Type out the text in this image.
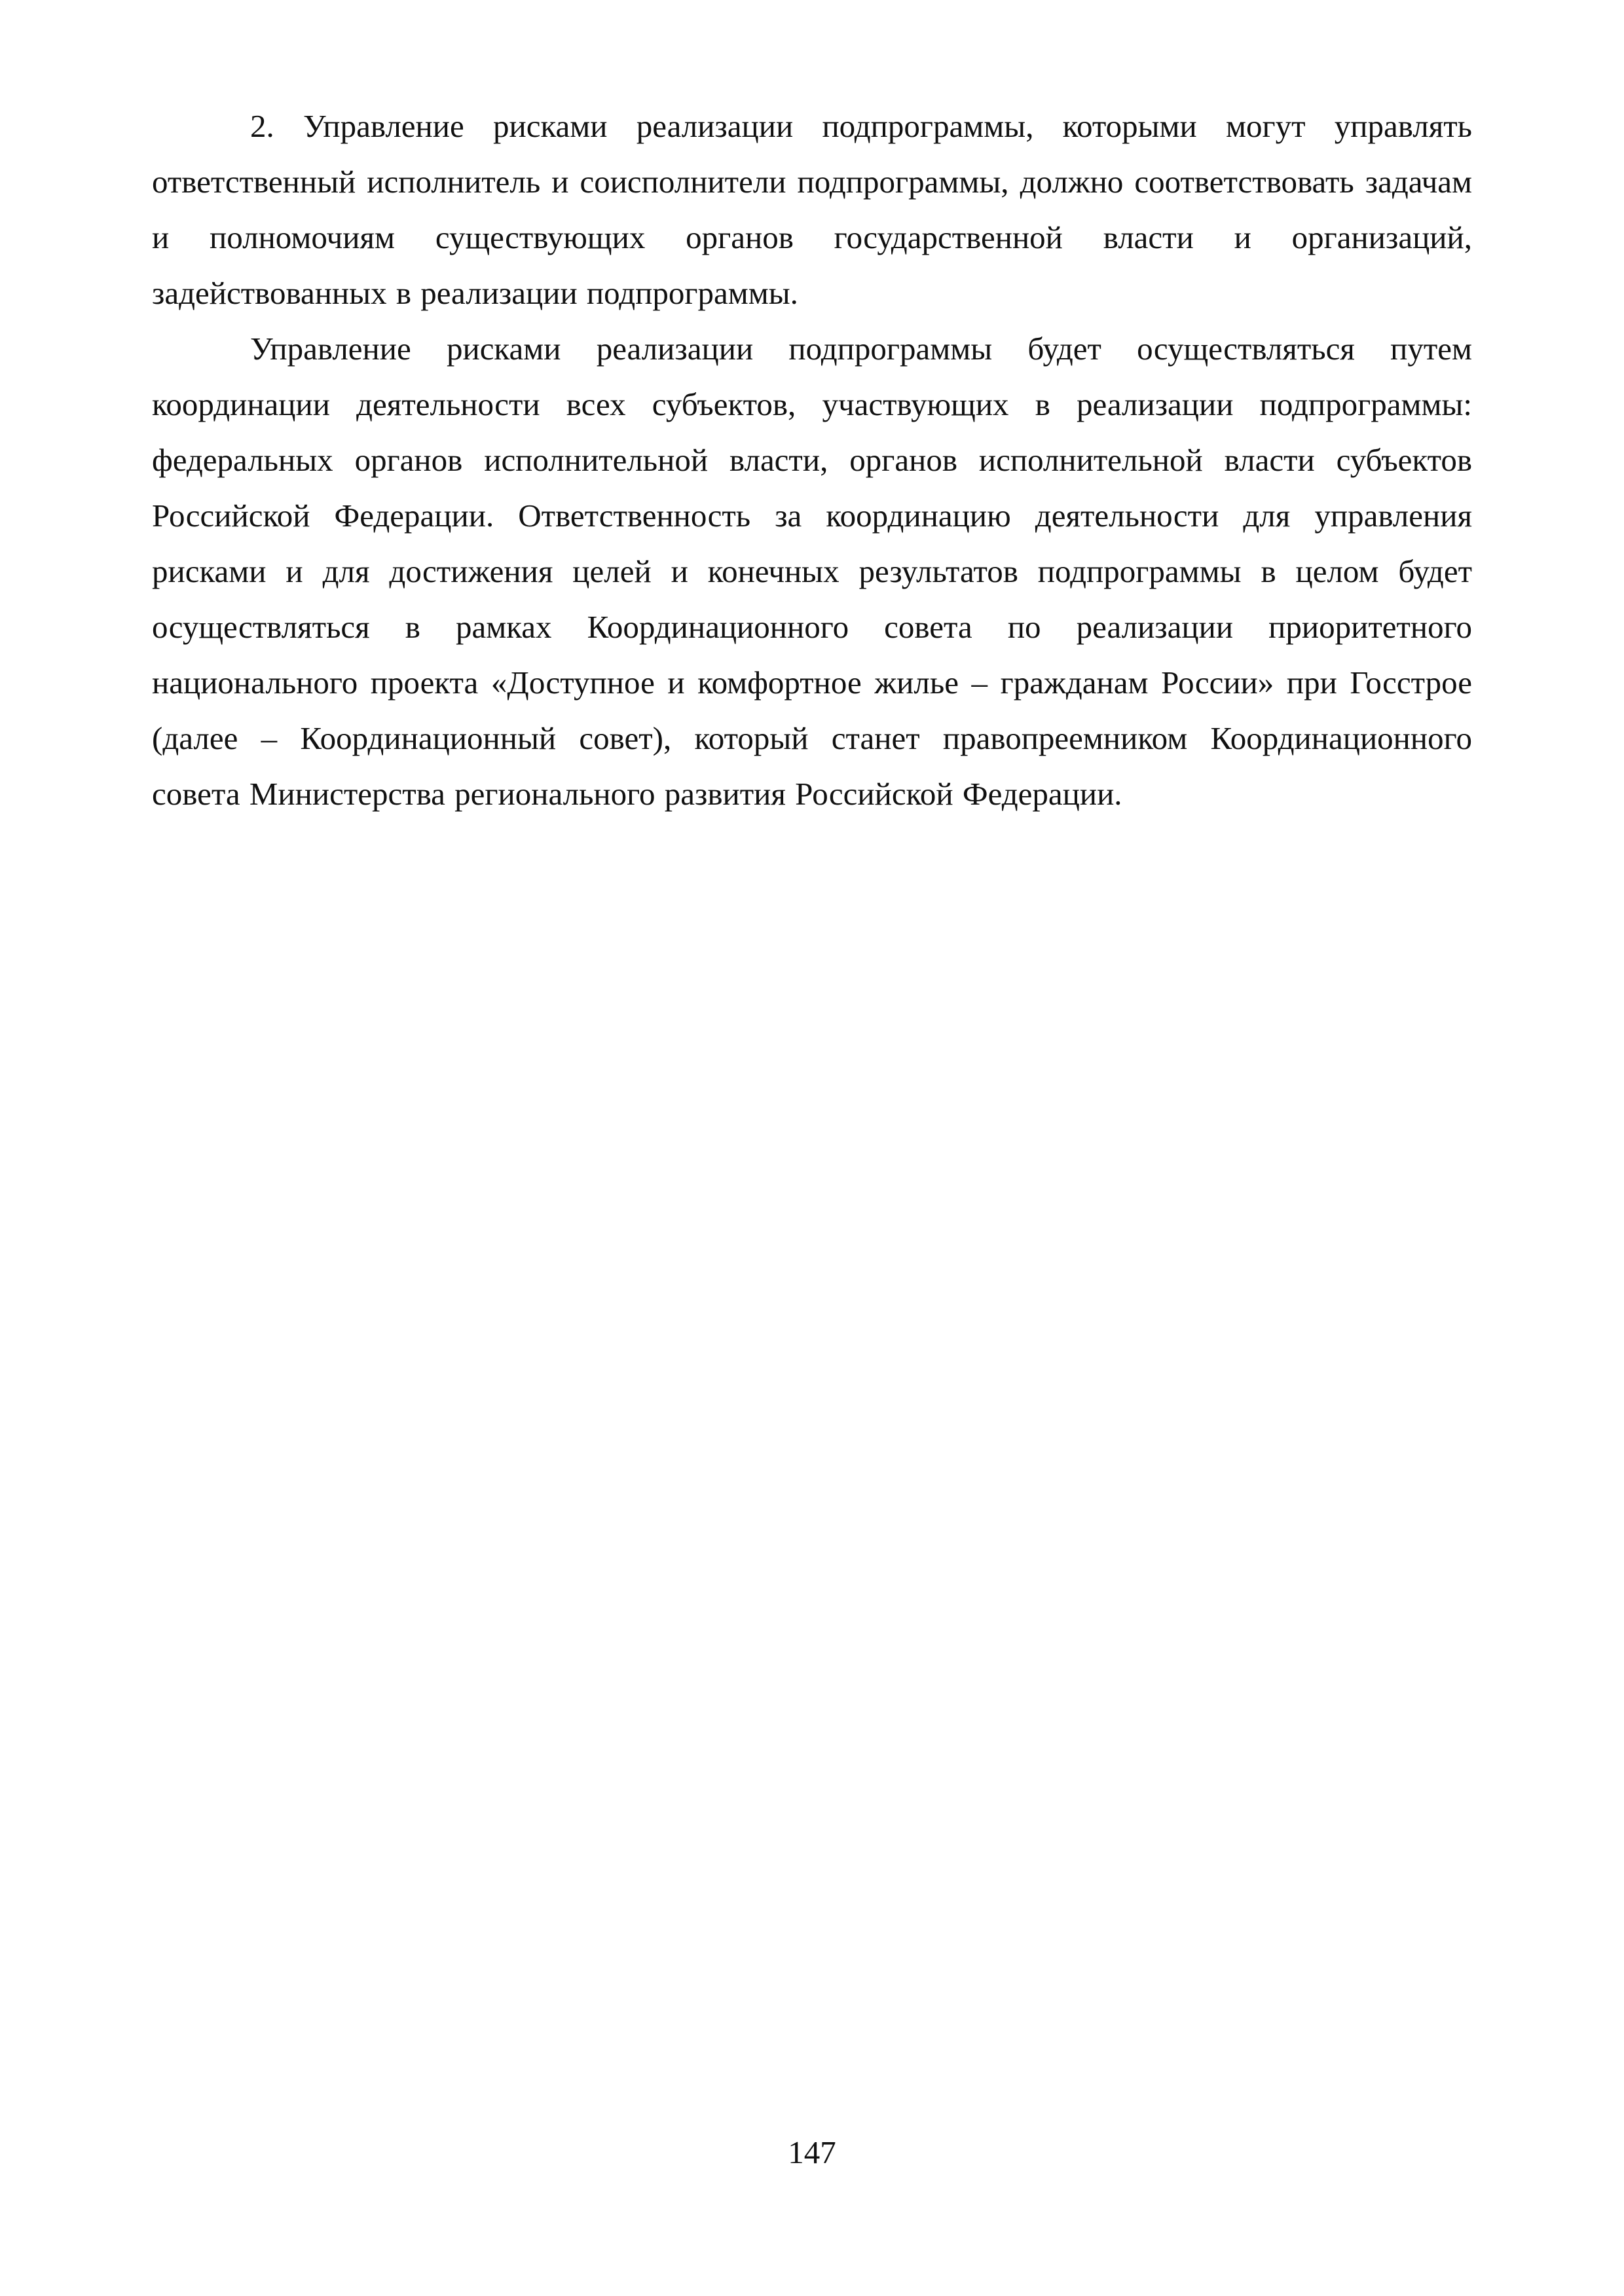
2. Управление рисками реализации подпрограммы, которыми могут управлять ответственный исполнитель и соисполнители подпрограммы, должно соответствовать задачам и полномочиям существующих органов государственной власти и организаций, задействованных в реализации подпрограммы.

Управление рисками реализации подпрограммы будет осуществляться путем координации деятельности всех субъектов, участвующих в реализации подпрограммы: федеральных органов исполнительной власти, органов исполнительной власти субъектов Российской Федерации. Ответственность за координацию деятельности для управления рисками и для достижения целей и конечных результатов подпрограммы в целом будет осуществляться в рамках Координационного совета по реализации приоритетного национального проекта «Доступное и комфортное жилье – гражданам России» при Госстрое (далее – Координационный совет), который станет правопреемником Координационного совета Министерства регионального развития Российской Федерации.

147
